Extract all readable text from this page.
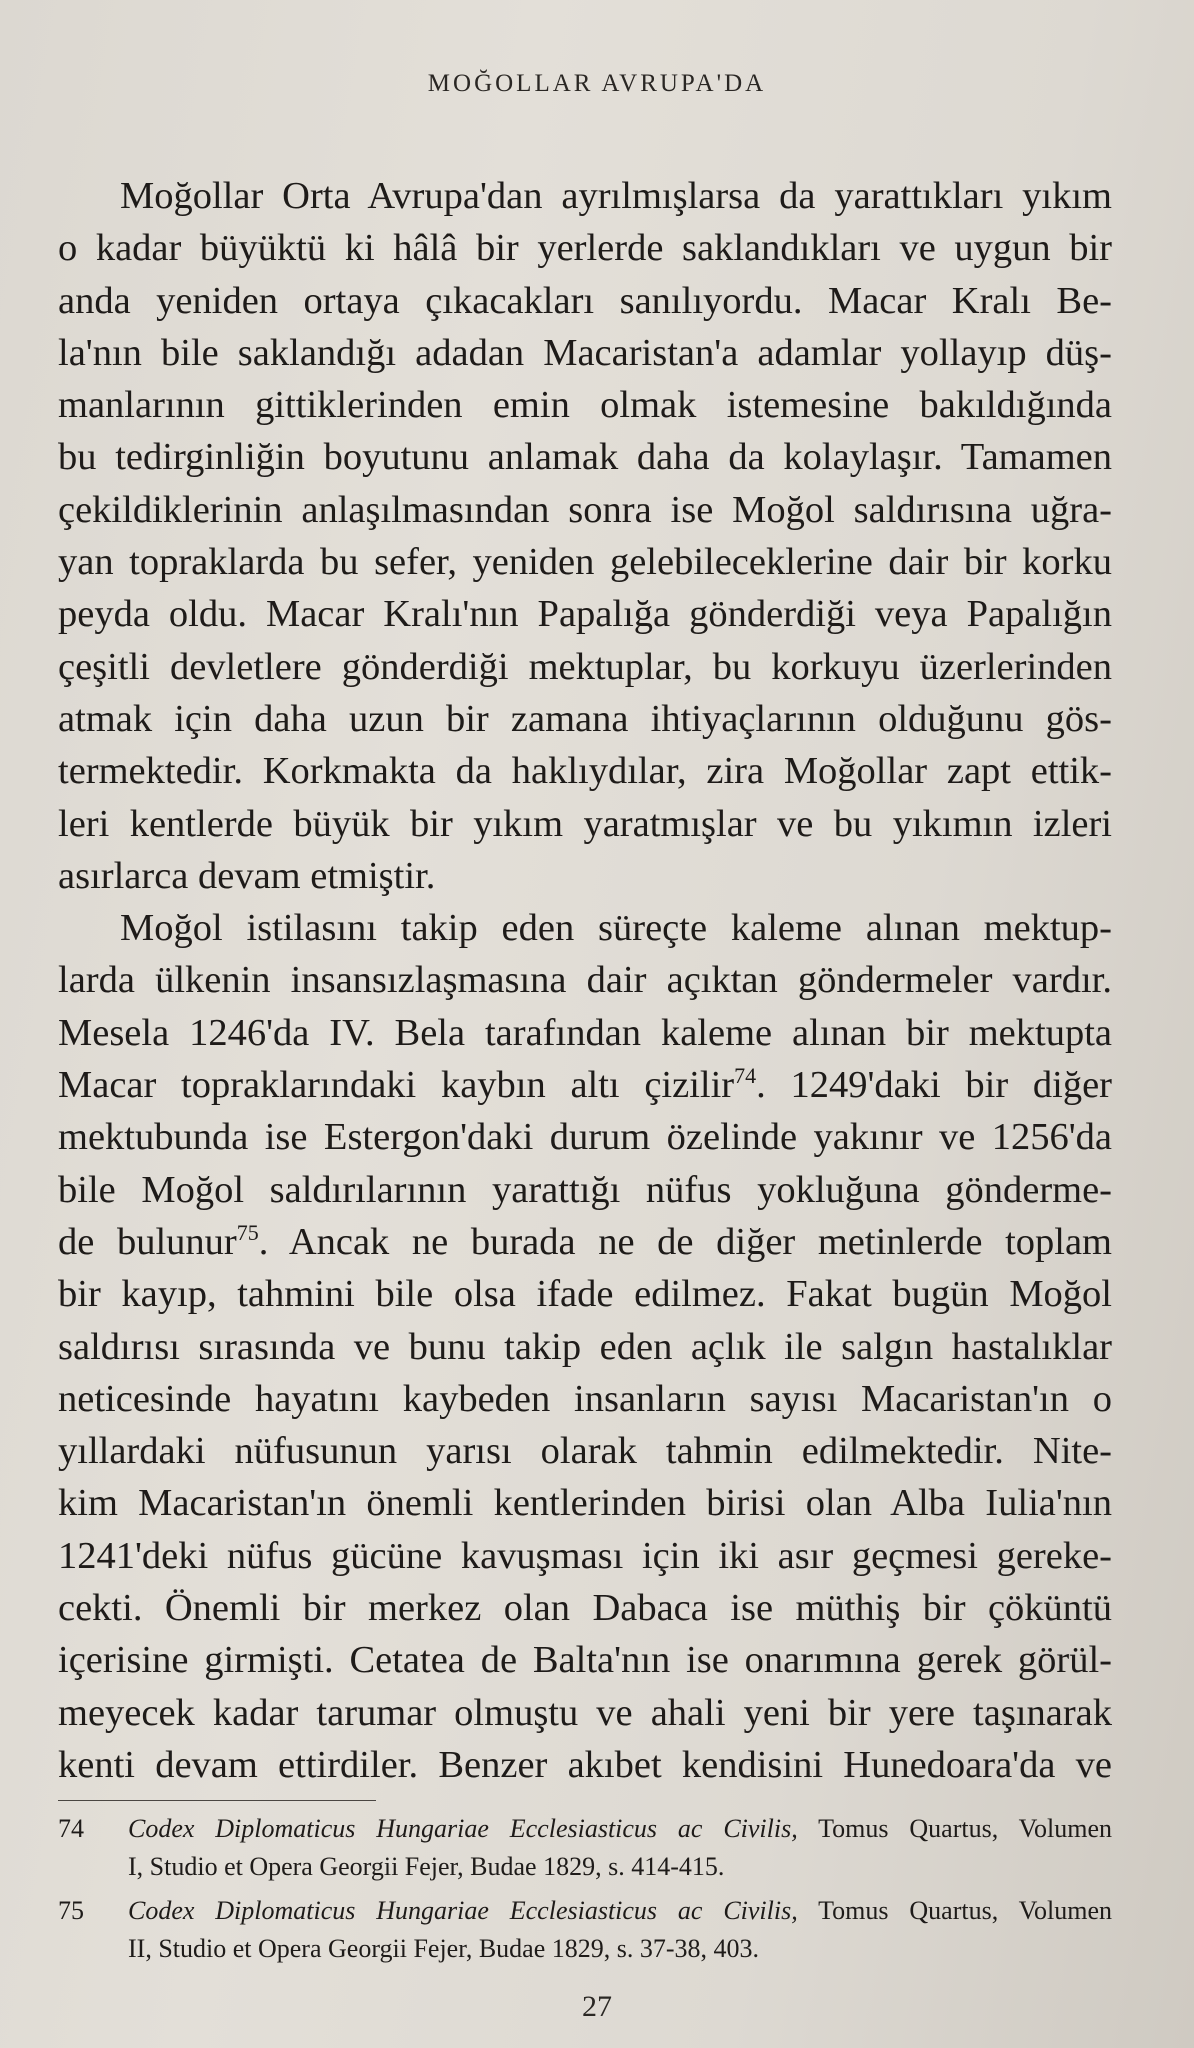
MOĞOLLAR AVRUPA'DA
Moğollar Orta Avrupa'dan ayrılmışlarsa da yarattıkları yıkım
o kadar büyüktü ki hâlâ bir yerlerde saklandıkları ve uygun bir
anda yeniden ortaya çıkacakları sanılıyordu. Macar Kralı Be-
la'nın bile saklandığı adadan Macaristan'a adamlar yollayıp düş-
manlarının gittiklerinden emin olmak istemesine bakıldığında
bu tedirginliğin boyutunu anlamak daha da kolaylaşır. Tamamen
çekildiklerinin anlaşılmasından sonra ise Moğol saldırısına uğra-
yan topraklarda bu sefer, yeniden gelebileceklerine dair bir korku
peyda oldu. Macar Kralı'nın Papalığa gönderdiği veya Papalığın
çeşitli devletlere gönderdiği mektuplar, bu korkuyu üzerlerinden
atmak için daha uzun bir zamana ihtiyaçlarının olduğunu gös-
termektedir. Korkmakta da haklıydılar, zira Moğollar zapt ettik-
leri kentlerde büyük bir yıkım yaratmışlar ve bu yıkımın izleri
asırlarca devam etmiştir.
Moğol istilasını takip eden süreçte kaleme alınan mektup-
larda ülkenin insansızlaşmasına dair açıktan göndermeler vardır.
Mesela 1246'da IV. Bela tarafından kaleme alınan bir mektupta
Macar topraklarındaki kaybın altı çizilir$^{74}$. 1249'daki bir diğer
mektubunda ise Estergon'daki durum özelinde yakınır ve 1256'da
bile Moğol saldırılarının yarattığı nüfus yokluğuna gönderme-
de bulunur$^{75}$. Ancak ne burada ne de diğer metinlerde toplam
bir kayıp, tahmini bile olsa ifade edilmez. Fakat bugün Moğol
saldırısı sırasında ve bunu takip eden açlık ile salgın hastalıklar
neticesinde hayatını kaybeden insanların sayısı Macaristan'ın o
yıllardaki nüfusunun yarısı olarak tahmin edilmektedir. Nite-
kim Macaristan'ın önemli kentlerinden birisi olan Alba Iulia'nın
1241'deki nüfus gücüne kavuşması için iki asır geçmesi gereke-
cekti. Önemli bir merkez olan Dabaca ise müthiş bir çöküntü
içerisine girmişti. Cetatea de Balta'nın ise onarımına gerek görül-
meyecek kadar tarumar olmuştu ve ahali yeni bir yere taşınarak
kenti devam ettirdiler. Benzer akıbet kendisini Hunedoara'da ve
74 Codex Diplomaticus Hungariae Ecclesiasticus ac Civilis, Tomus Quartus, Volumen
I, Studio et Opera Georgii Fejer, Budae 1829, s. 414-415.
75 Codex Diplomaticus Hungariae Ecclesiasticus ac Civilis, Tomus Quartus, Volumen
II, Studio et Opera Georgii Fejer, Budae 1829, s. 37-38, 403.
27
